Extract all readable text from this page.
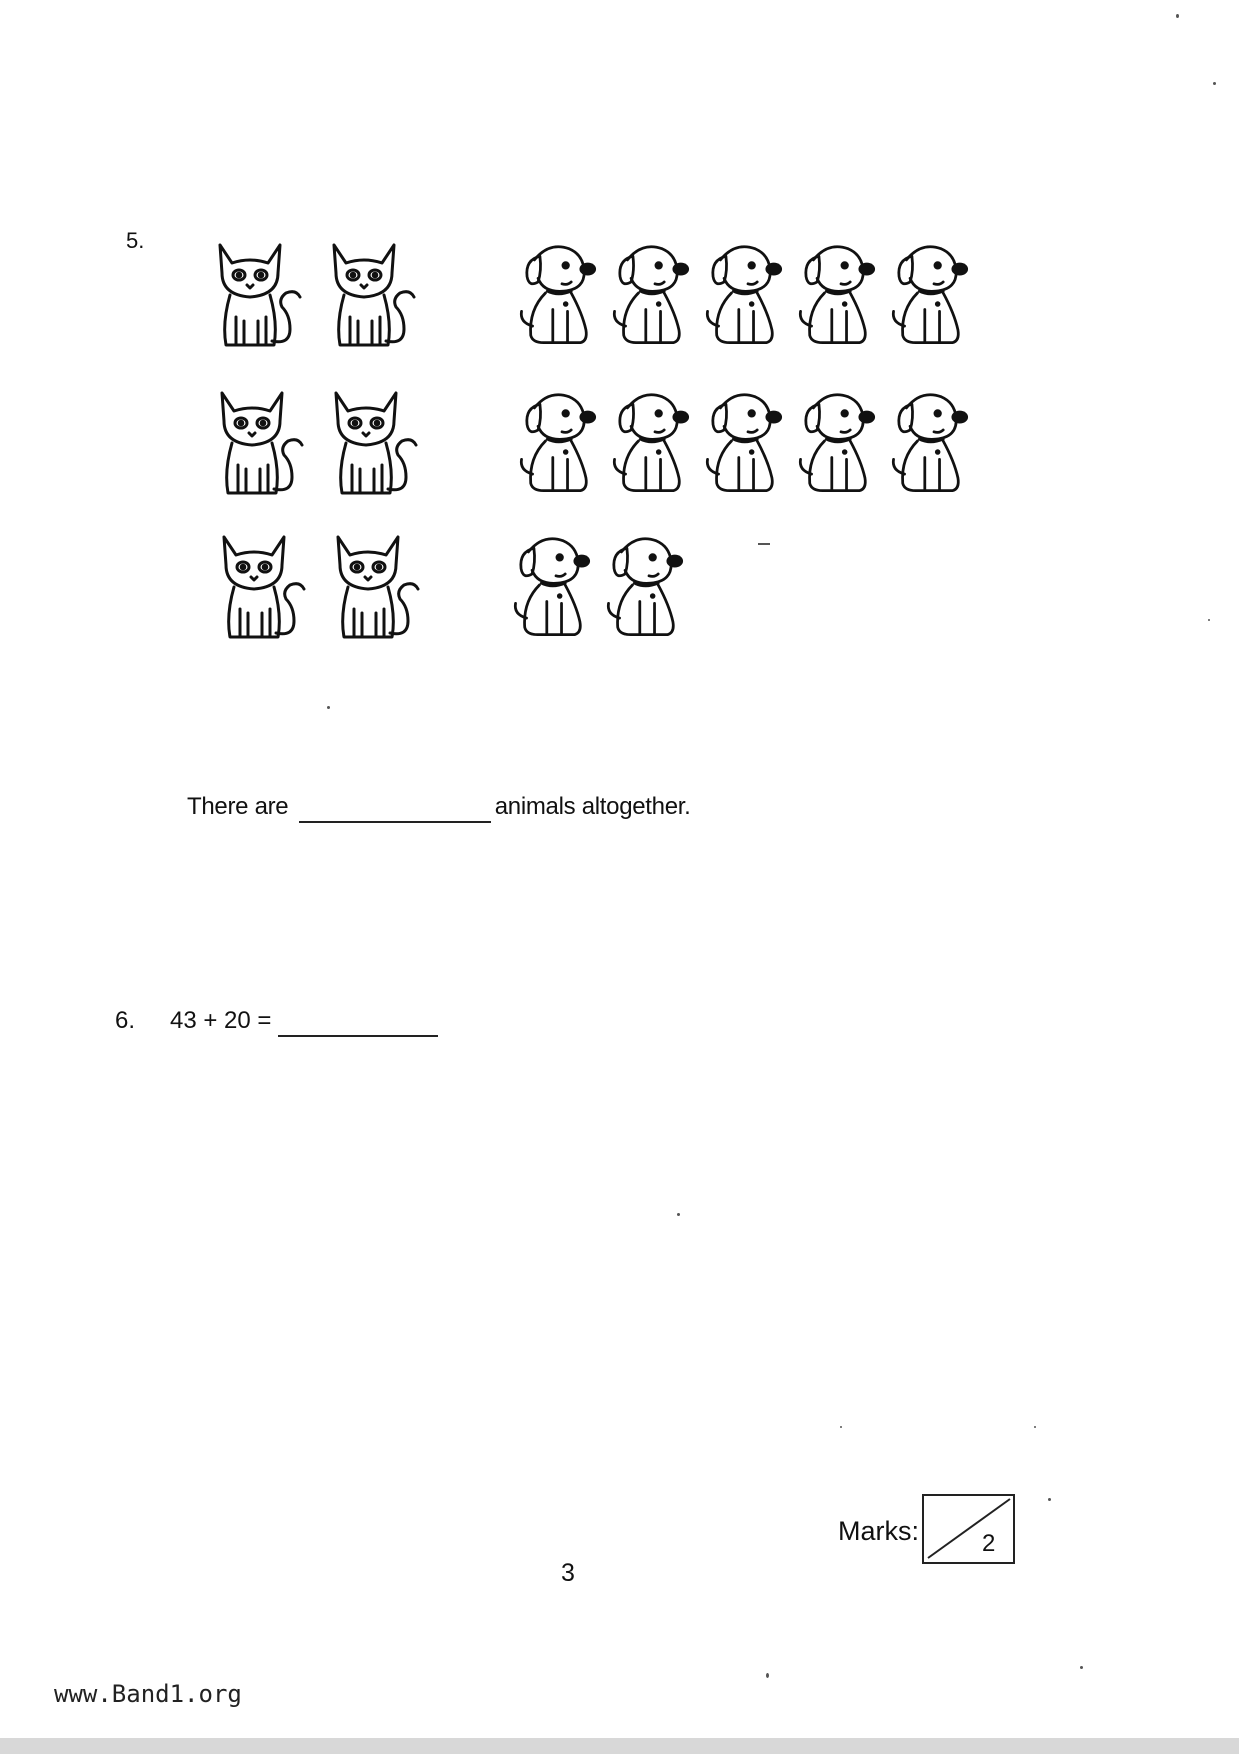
5.
There are	animals altogether.
6. 43 + 20 =
3
Marks:	2
www.Band1.org
